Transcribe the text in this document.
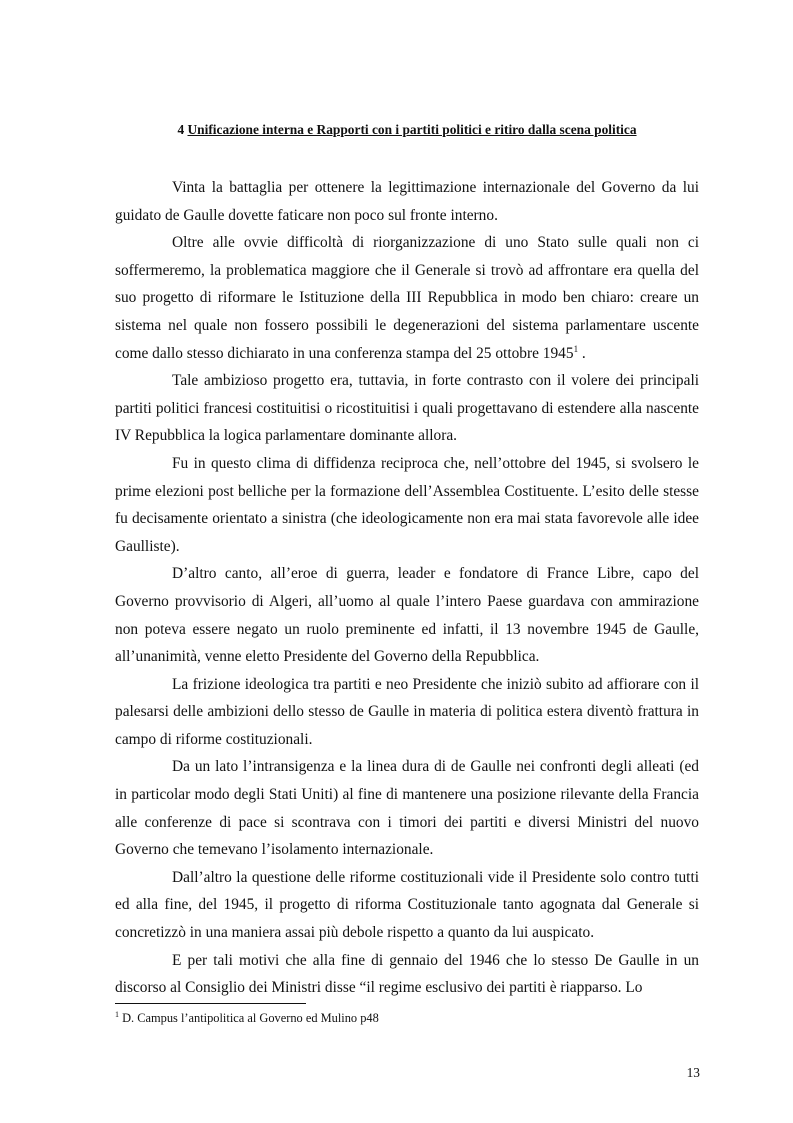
4 Unificazione interna e Rapporti con i partiti politici e ritiro dalla scena politica

Vinta la battaglia per ottenere la legittimazione internazionale del Governo da lui guidato de Gaulle dovette faticare non poco sul fronte interno.

Oltre alle ovvie difficoltà di riorganizzazione di uno Stato sulle quali non ci soffermeremo, la problematica maggiore che il Generale si trovò ad affrontare era quella del suo progetto di riformare le Istituzione della III Repubblica in modo ben chiaro: creare un sistema nel quale non fossero possibili le degenerazioni del sistema parlamentare uscente come dallo stesso dichiarato in una conferenza stampa del 25 ottobre 1945$^1$ .

Tale ambizioso progetto era, tuttavia, in forte contrasto con il volere dei principali partiti politici francesi costituitisi o ricostituitisi i quali progettavano di estendere alla nascente IV Repubblica la logica parlamentare dominante allora.

Fu in questo clima di diffidenza reciproca che, nell’ottobre del 1945, si svolsero le prime elezioni post belliche per la formazione dell’Assemblea Costituente. L’esito delle stesse fu decisamente orientato a sinistra (che ideologicamente non era mai stata favorevole alle idee Gaulliste).

D’altro canto, all’eroe di guerra, leader e fondatore di France Libre, capo del Governo provvisorio di Algeri, all’uomo al quale l’intero Paese guardava con ammirazione non poteva essere negato un ruolo preminente ed infatti, il 13 novembre 1945 de Gaulle, all’unanimità, venne eletto Presidente del Governo della Repubblica.

La frizione ideologica tra partiti e neo Presidente che iniziò subito ad affiorare con il palesarsi delle ambizioni dello stesso de Gaulle in materia di politica estera diventò frattura in campo di riforme costituzionali.

Da un lato l’intransigenza e la linea dura di de Gaulle nei confronti degli alleati (ed in particolar modo degli Stati Uniti) al fine di mantenere una posizione rilevante della Francia alle conferenze di pace si scontrava con i timori dei partiti e diversi Ministri del nuovo Governo che temevano l’isolamento internazionale.

Dall’altro la questione delle riforme costituzionali vide il Presidente solo contro tutti ed alla fine, del 1945, il progetto di riforma Costituzionale tanto agognata dal Generale si concretizzò in una maniera assai più debole rispetto a quanto da lui auspicato.

E per tali motivi che alla fine di gennaio del 1946 che lo stesso De Gaulle in un discorso al Consiglio dei Ministri disse “il regime esclusivo dei partiti è riapparso. Lo

$^1$ D. Campus l’antipolitica al Governo ed Mulino p48
13
